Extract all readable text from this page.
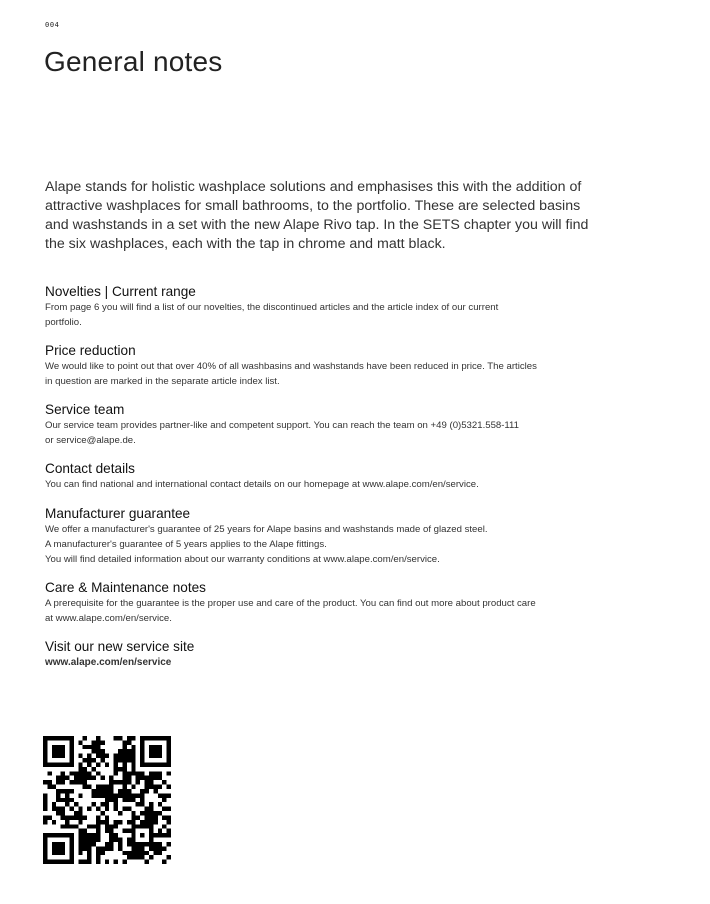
004
General notes

Alape stands for holistic washplace solutions and emphasises this with the addition of attractive washplaces for small bathrooms, to the portfolio. These are selected basins and washstands in a set with the new Alape Rivo tap. In the SETS chapter you will find the six washplaces, each with the tap in chrome and matt black.

Novelties | Current range

From page 6 you will find a list of our novelties, the discontinued articles and the article index of our current

portfolio.

Price reduction

We would like to point out that over 40% of all washbasins and washstands have been reduced in price. The articles

in question are marked in the separate article index list.

Service team

Our service team provides partner-like and competent support. You can reach the team on +49 (0)5321.558-111

or service@alape.de.

Contact details

You can find national and international contact details on our homepage at www.alape.com/en/service.

Manufacturer guarantee

We offer a manufacturer's guarantee of 25 years for Alape basins and washstands made of glazed steel.

A manufacturer's guarantee of 5 years applies to the Alape fittings.

You will find detailed information about our warranty conditions at www.alape.com/en/service.

Care & Maintenance notes

A prerequisite for the guarantee is the proper use and care of the product. You can find out more about product care

at www.alape.com/en/service.

Visit our new service site

www.alape.com/en/service
